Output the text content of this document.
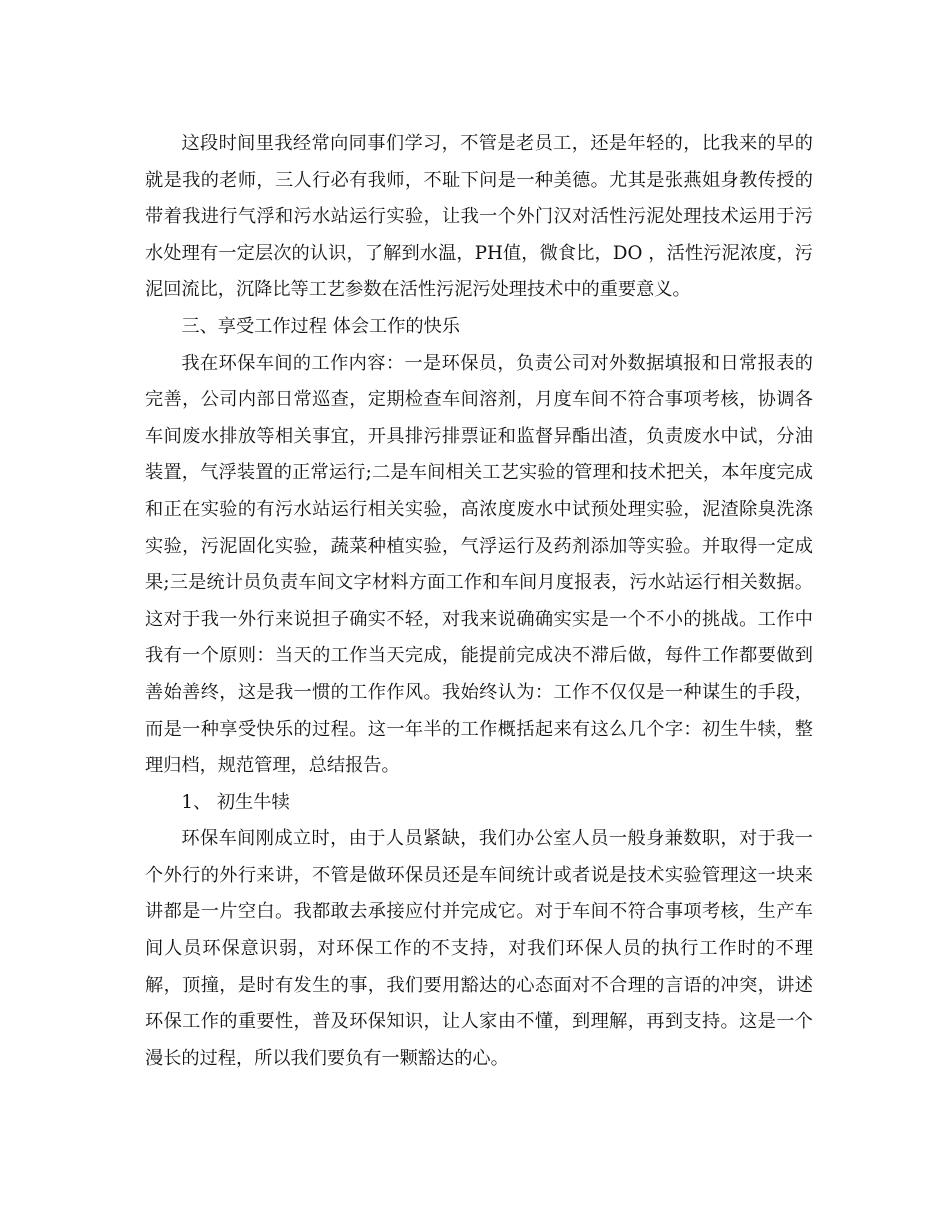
这段时间里我经常向同事们学习，不管是老员工，还是年轻的，比我来的早的就是我的老师，三人行必有我师，不耻下问是一种美德。尤其是张燕姐身教传授的带着我进行气浮和污水站运行实验，让我一个外门汉对活性污泥处理技术运用于污水处理有一定层次的认识，了解到水温，PH值，微食比，DO ，活性污泥浓度，污泥回流比，沉降比等工艺参数在活性污泥污处理技术中的重要意义。

三、享受工作过程 体会工作的快乐

我在环保车间的工作内容：一是环保员，负责公司对外数据填报和日常报表的完善，公司内部日常巡查，定期检查车间溶剂，月度车间不符合事项考核，协调各车间废水排放等相关事宜，开具排污排票证和监督异酯出渣，负责废水中试，分油装置，气浮装置的正常运行;二是车间相关工艺实验的管理和技术把关，本年度完成和正在实验的有污水站运行相关实验，高浓度废水中试预处理实验，泥渣除臭洗涤实验，污泥固化实验，蔬菜种植实验，气浮运行及药剂添加等实验。并取得一定成果;三是统计员负责车间文字材料方面工作和车间月度报表，污水站运行相关数据。这对于我一外行来说担子确实不轻，对我来说确确实实是一个不小的挑战。工作中我有一个原则：当天的工作当天完成，能提前完成决不滞后做，每件工作都要做到善始善终，这是我一惯的工作作风。我始终认为：工作不仅仅是一种谋生的手段，而是一种享受快乐的过程。这一年半的工作概括起来有这么几个字：初生牛犊，整理归档，规范管理，总结报告。

1、 初生牛犊

环保车间刚成立时，由于人员紧缺，我们办公室人员一般身兼数职，对于我一个外行的外行来讲，不管是做环保员还是车间统计或者说是技术实验管理这一块来讲都是一片空白。我都敢去承接应付并完成它。对于车间不符合事项考核，生产车间人员环保意识弱，对环保工作的不支持，对我们环保人员的执行工作时的不理解，顶撞，是时有发生的事，我们要用豁达的心态面对不合理的言语的冲突，讲述环保工作的重要性，普及环保知识，让人家由不懂，到理解，再到支持。这是一个漫长的过程，所以我们要负有一颗豁达的心。
